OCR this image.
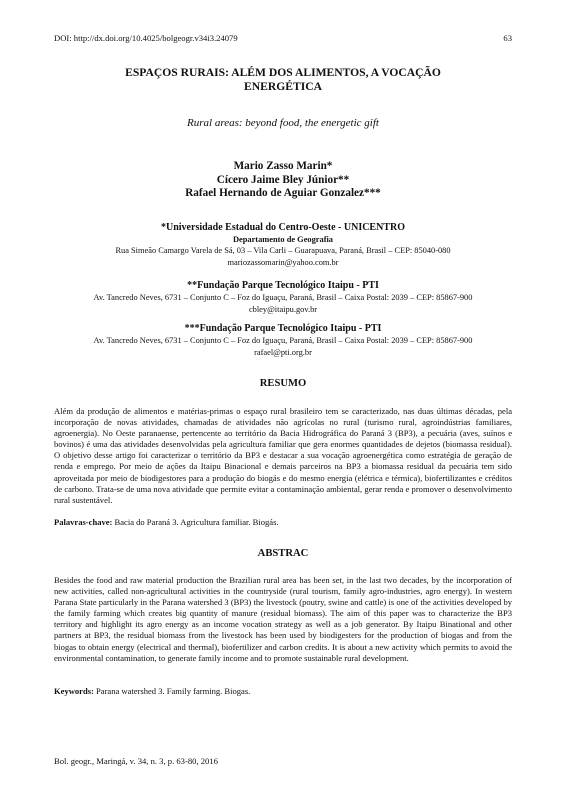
DOI: http://dx.doi.org/10.4025/bolgeogr.v34i3.24079	63
ESPAÇOS RURAIS: ALÉM DOS ALIMENTOS, A VOCAÇÃO
ENERGÉTICA
Rural areas: beyond food, the energetic gift
Mario Zasso Marin*
Cícero Jaime Bley Júnior**
Rafael Hernando de Aguiar Gonzalez***
*Universidade Estadual do Centro-Oeste - UNICENTRO
Departamento de Geografia
Rua Simeão Camargo Varela de Sá, 03 – Vila Carli – Guarapuava, Paraná, Brasil – CEP: 85040-080
mariozassomarin@yahoo.com.br
**Fundação Parque Tecnológico Itaipu - PTI
Av. Tancredo Neves, 6731 – Conjunto C – Foz do Iguaçu, Paraná, Brasil – Caixa Postal: 2039 – CEP: 85867-900
cbley@itaipu.gov.br
***Fundação Parque Tecnológico Itaipu - PTI
Av. Tancredo Neves, 6731 – Conjunto C – Foz do Iguaçu, Paraná, Brasil – Caixa Postal: 2039 – CEP: 85867-900
rafael@pti.org.br
RESUMO
Além da produção de alimentos e matérias-primas o espaço rural brasileiro tem se caracterizado, nas duas últimas décadas, pela incorporação de novas atividades, chamadas de atividades não agrícolas no rural (turismo rural, agroindústrias familiares, agroenergia). No Oeste paranaense, pertencente ao território da Bacia Hidrográfica do Paraná 3 (BP3), a pecuária (aves, suínos e bovinos) é uma das atividades desenvolvidas pela agricultura familiar que gera enormes quantidades de dejetos (biomassa residual). O objetivo desse artigo foi caracterizar o território da BP3 e destacar a sua vocação agroenergética como estratégia de geração de renda e emprego. Por meio de ações da Itaipu Binacional e demais parceiros na BP3 a biomassa residual da pecuária tem sido aproveitada por meio de biodigestores para a produção do biogás e do mesmo energia (elétrica e térmica), biofertilizantes e créditos de carbono. Trata-se de uma nova atividade que permite evitar a contaminação ambiental, gerar renda e promover o desenvolvimento rural sustentável.
Palavras-chave: Bacia do Paraná 3. Agricultura familiar. Biogás.
ABSTRAC
Besides the food and raw material production the Brazilian rural area has been set, in the last two decades, by the incorporation of new activities, called non-agricultural activities in the countryside (rural tourism, family agro-industries, agro energy). In western Parana State particularly in the Parana watershed 3 (BP3) the livestock (poutry, swine and cattle) is one of the activities developed by the family farming which creates big quantity of manure (residual biomass). The aim of this paper was to characterize the BP3 territory and highlight its agro energy as an income vocation strategy as well as a job generator. By Itaipu Binational and other partners at BP3, the residual biomass from the livestock has been used by biodigesters for the production of biogas and from the biogas to obtain energy (electrical and thermal), biofertilizer and carbon credits. It is about a new activity which permits to avoid the environmental contamination, to generate family income and to promote sustainable rural development.
Keywords: Parana watershed 3. Family farming. Biogas.
Bol. geogr., Maringá, v. 34, n. 3, p. 63-80, 2016
